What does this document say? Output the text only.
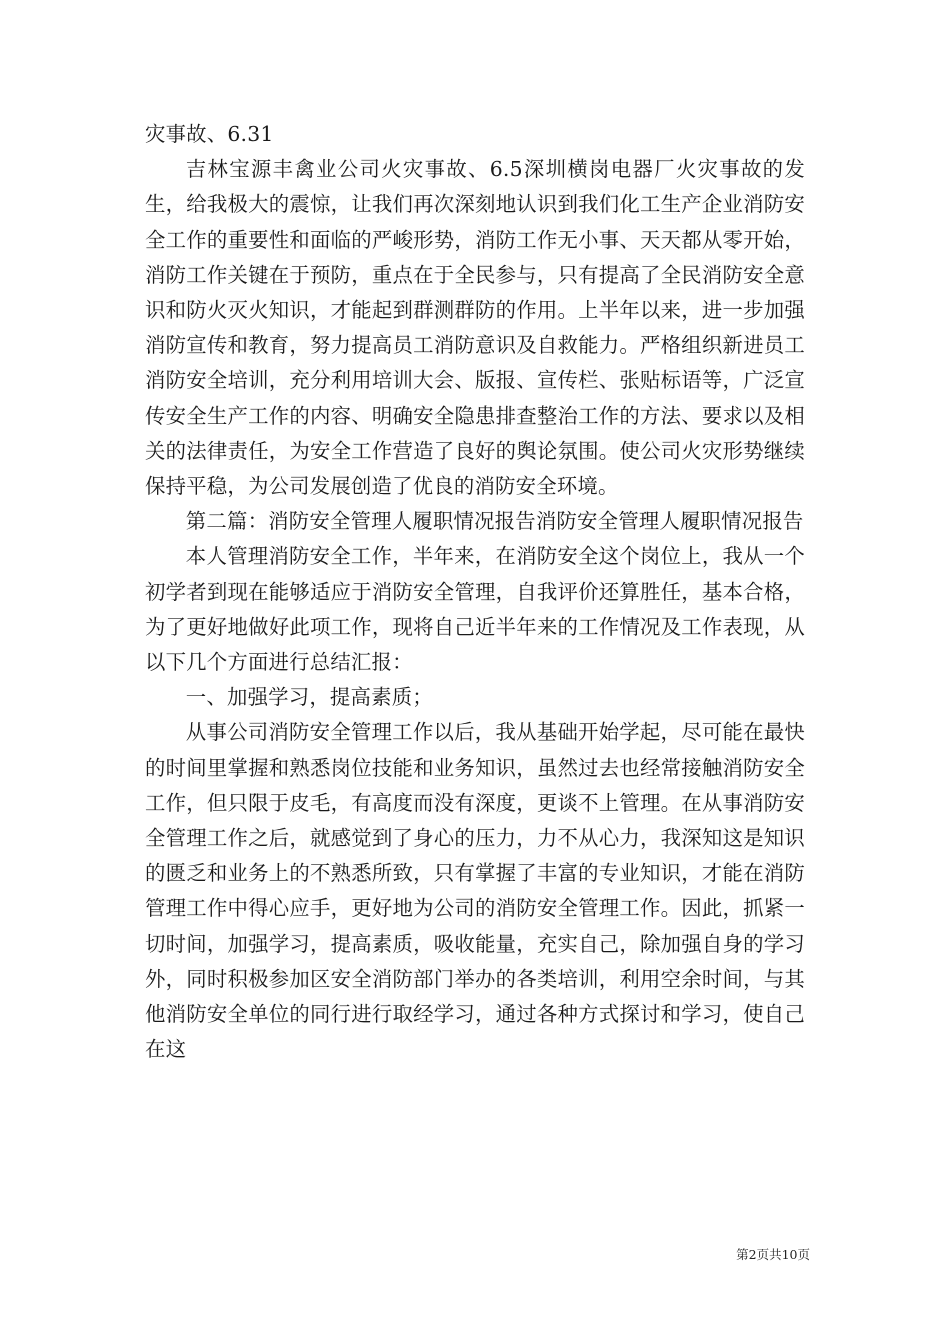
灾事故、6.31

吉林宝源丰禽业公司火灾事故、6.5深圳横岗电器厂火灾事故的发生，给我极大的震惊，让我们再次深刻地认识到我们化工生产企业消防安全工作的重要性和面临的严峻形势，消防工作无小事、天天都从零开始，消防工作关键在于预防，重点在于全民参与，只有提高了全民消防安全意识和防火灭火知识，才能起到群测群防的作用。上半年以来，进一步加强消防宣传和教育，努力提高员工消防意识及自救能力。严格组织新进员工消防安全培训，充分利用培训大会、版报、宣传栏、张贴标语等，广泛宣传安全生产工作的内容、明确安全隐患排查整治工作的方法、要求以及相关的法律责任，为安全工作营造了良好的舆论氛围。使公司火灾形势继续保持平稳，为公司发展创造了优良的消防安全环境。

第二篇：消防安全管理人履职情况报告消防安全管理人履职情况报告

本人管理消防安全工作，半年来，在消防安全这个岗位上，我从一个初学者到现在能够适应于消防安全管理，自我评价还算胜任，基本合格，为了更好地做好此项工作，现将自己近半年来的工作情况及工作表现，从以下几个方面进行总结汇报：

一、加强学习，提高素质；

从事公司消防安全管理工作以后，我从基础开始学起，尽可能在最快的时间里掌握和熟悉岗位技能和业务知识，虽然过去也经常接触消防安全工作，但只限于皮毛，有高度而没有深度，更谈不上管理。在从事消防安全管理工作之后，就感觉到了身心的压力，力不从心力，我深知这是知识的匮乏和业务上的不熟悉所致，只有掌握了丰富的专业知识，才能在消防管理工作中得心应手，更好地为公司的消防安全管理工作。因此，抓紧一切时间，加强学习，提高素质，吸收能量，充实自己，除加强自身的学习外，同时积极参加区安全消防部门举办的各类培训，利用空余时间，与其他消防安全单位的同行进行取经学习，通过各种方式探讨和学习，使自己在这

第2页共10页
